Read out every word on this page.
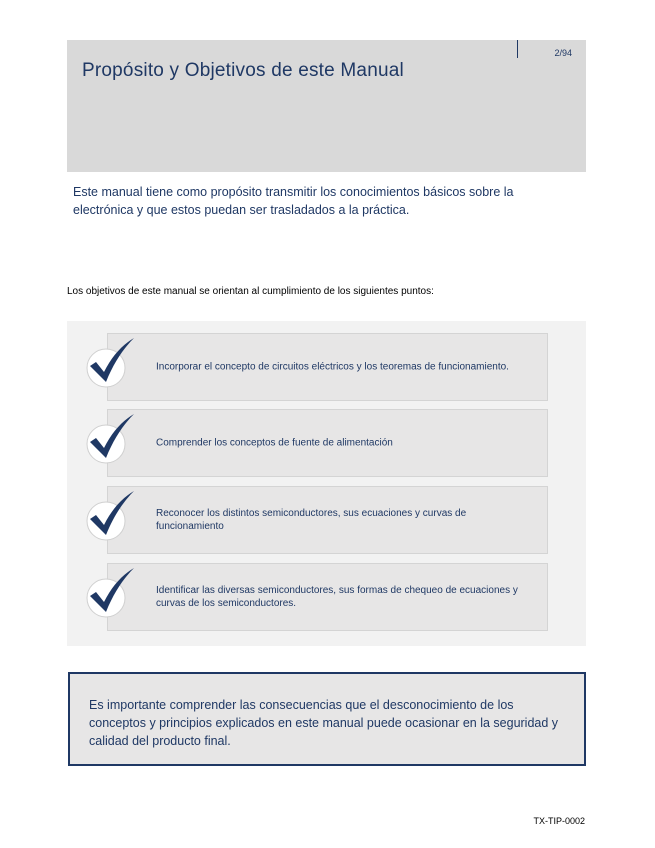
Propósito y Objetivos de este Manual
2/94
Este manual tiene como propósito transmitir los conocimientos básicos sobre la electrónica y que estos puedan ser trasladados a la práctica.
Los objetivos de este manual se orientan al cumplimiento de los siguientes puntos:
Incorporar el concepto de circuitos eléctricos y los teoremas de funcionamiento.
Comprender los conceptos de fuente de alimentación
Reconocer los distintos semiconductores, sus ecuaciones y curvas de funcionamiento
Identificar las diversas semiconductores, sus formas de chequeo de ecuaciones y curvas de los semiconductores.
Es importante comprender las consecuencias que el desconocimiento de los conceptos y principios explicados en este manual puede ocasionar en la seguridad y calidad del producto final.
TX-TIP-0002
